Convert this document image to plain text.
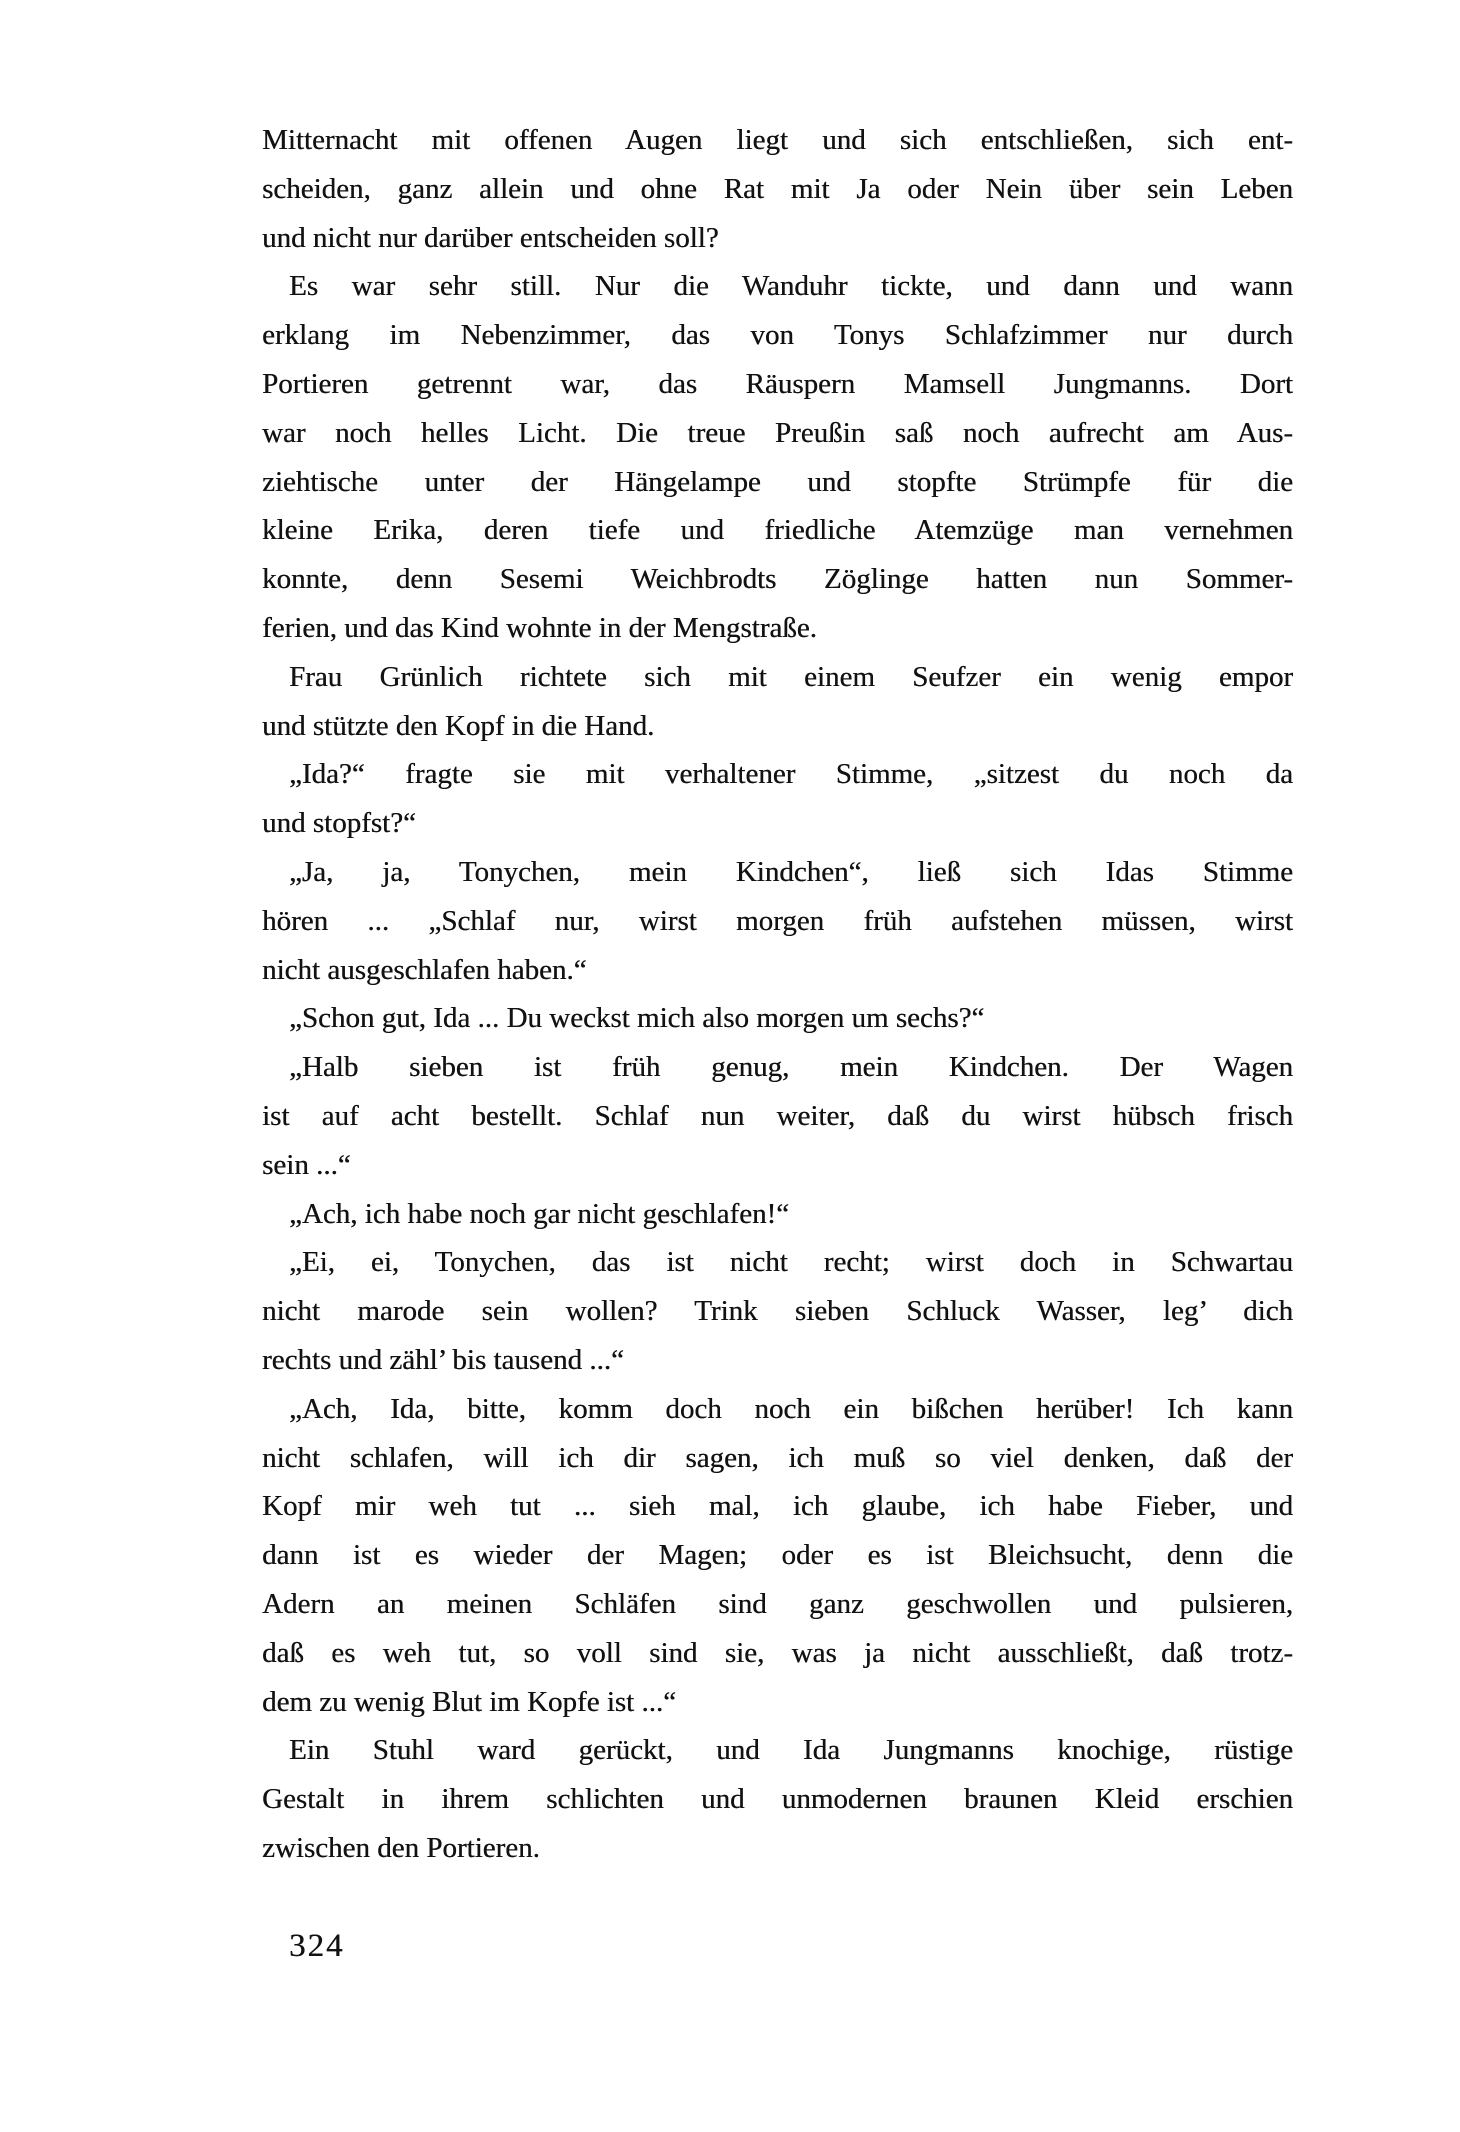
Mitternacht mit offenen Augen liegt und sich entschließen, sich ent-
scheiden, ganz allein und ohne Rat mit Ja oder Nein über sein Leben
und nicht nur darüber entscheiden soll?
Es war sehr still. Nur die Wanduhr tickte, und dann und wann
erklang im Nebenzimmer, das von Tonys Schlafzimmer nur durch
Portieren getrennt war, das Räuspern Mamsell Jungmanns. Dort
war noch helles Licht. Die treue Preußin saß noch aufrecht am Aus-
ziehtische unter der Hängelampe und stopfte Strümpfe für die
kleine Erika, deren tiefe und friedliche Atemzüge man vernehmen
konnte, denn Sesemi Weichbrodts Zöglinge hatten nun Sommer-
ferien, und das Kind wohnte in der Mengstraße.
Frau Grünlich richtete sich mit einem Seufzer ein wenig empor
und stützte den Kopf in die Hand.
„Ida?“ fragte sie mit verhaltener Stimme, „sitzest du noch da
und stopfst?“
„Ja, ja, Tonychen, mein Kindchen“, ließ sich Idas Stimme
hören ... „Schlaf nur, wirst morgen früh aufstehen müssen, wirst
nicht ausgeschlafen haben.“
„Schon gut, Ida ... Du weckst mich also morgen um sechs?“
„Halb sieben ist früh genug, mein Kindchen. Der Wagen
ist auf acht bestellt. Schlaf nun weiter, daß du wirst hübsch frisch
sein ...“
„Ach, ich habe noch gar nicht geschlafen!“
„Ei, ei, Tonychen, das ist nicht recht; wirst doch in Schwartau
nicht marode sein wollen? Trink sieben Schluck Wasser, leg’ dich
rechts und zähl’ bis tausend ...“
„Ach, Ida, bitte, komm doch noch ein bißchen herüber! Ich kann
nicht schlafen, will ich dir sagen, ich muß so viel denken, daß der
Kopf mir weh tut ... sieh mal, ich glaube, ich habe Fieber, und
dann ist es wieder der Magen; oder es ist Bleichsucht, denn die
Adern an meinen Schläfen sind ganz geschwollen und pulsieren,
daß es weh tut, so voll sind sie, was ja nicht ausschließt, daß trotz-
dem zu wenig Blut im Kopfe ist ...“
Ein Stuhl ward gerückt, und Ida Jungmanns knochige, rüstige
Gestalt in ihrem schlichten und unmodernen braunen Kleid erschien
zwischen den Portieren.
324
